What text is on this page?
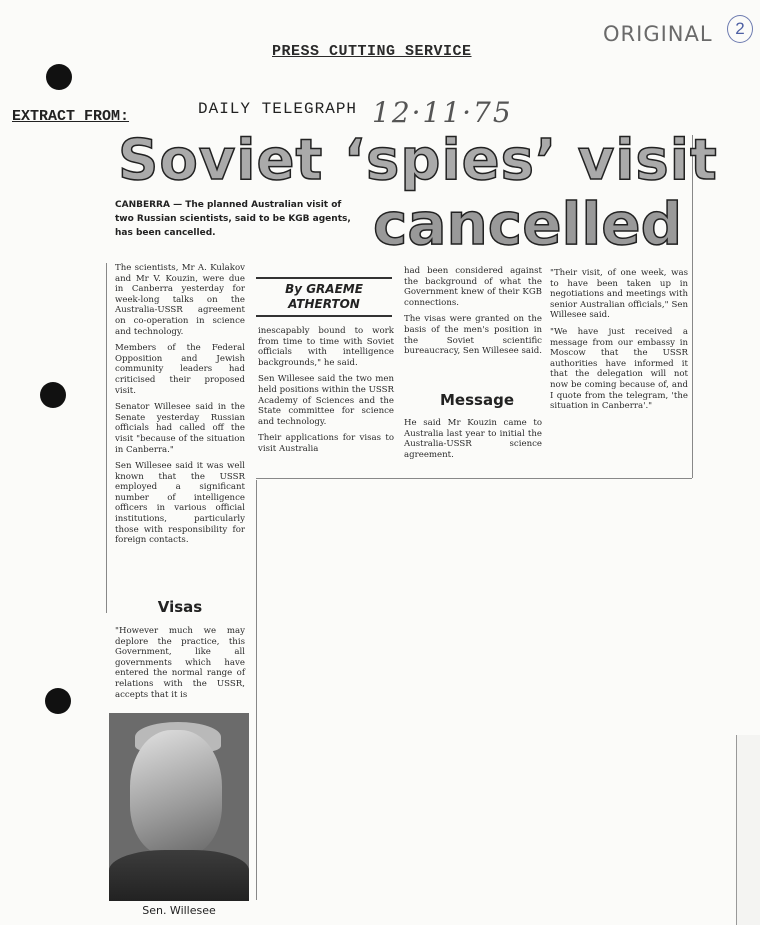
PRESS CUTTING SERVICE
ORIGINAL	2
EXTRACT FROM:	DAILY TELEGRAPH 12·11·75
Soviet ‘spies’ visit
cancelled
CANBERRA — The planned Australian visit of two Russian scientists, said to be KGB agents, has been cancelled.

The scientists, Mr A. Kulakov and Mr V. Kouzin, were due in Canberra yesterday for week-long talks on the Australia-USSR agreement on co-operation in science and technology.

Members of the Federal Opposition and Jewish community leaders had criticised their proposed visit.

Senator Willesee said in the Senate yesterday Russian officials had called off the visit "because of the situation in Canberra."

Sen Willesee said it was well known that the USSR employed a significant number of intelligence officers in various official institutions, particularly those with responsibility for foreign contacts.

Visas

"However much we may deplore the practice, this Government, like all governments which have entered the normal range of relations with the USSR, accepts that it is

By GRAEME ATHERTON

inescapably bound to work from time to time with Soviet officials with intelligence backgrounds," he said.

Sen Willesee said the two men held positions within the USSR Academy of Sciences and the State committee for science and technology.

Their applications for visas to visit Australia

had been considered against the background of what the Government knew of their KGB connections.

The visas were granted on the basis of the men's position in the Soviet scientific bureaucracy, Sen Willesee said.

Message

He said Mr Kouzin came to Australia last year to initial the Australia-USSR science agreement.

"Their visit, of one week, was to have been taken up in negotiations and meetings with senior Australian officials," Sen Willesee said.

"We have just received a message from our embassy in Moscow that the USSR authorities have informed it that the delegation will not now be coming because of, and I quote from the telegram, 'the situation in Canberra'."

Sen. Willesee
